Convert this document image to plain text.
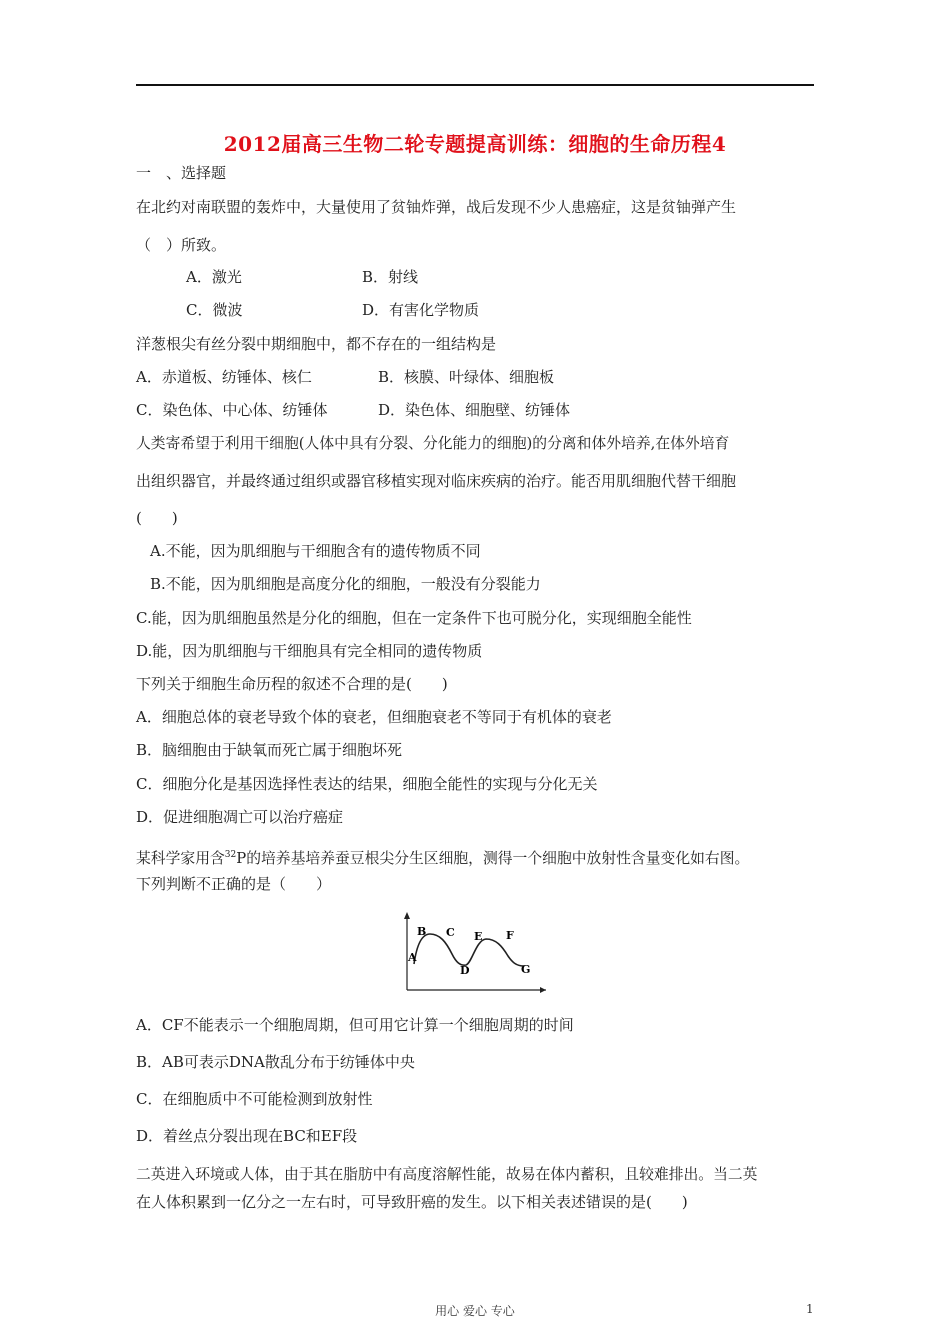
2012届高三生物二轮专题提高训练：细胞的生命历程4
一　、选择题
在北约对南联盟的轰炸中，大量使用了贫铀炸弹，战后发现不少人患癌症，这是贫铀弹产生
（　）所致。
A．激光	B．射线
C．微波	D．有害化学物质
洋葱根尖有丝分裂中期细胞中，都不存在的一组结构是
A．赤道板、纺锤体、核仁	B．核膜、叶绿体、细胞板
C．染色体、中心体、纺锤体	D．染色体、细胞壁、纺锤体
人类寄希望于利用干细胞(人体中具有分裂、分化能力的细胞)的分离和体外培养,在体外培育
出组织器官，并最终通过组织或器官移植实现对临床疾病的治疗。能否用肌细胞代替干细胞
(　　)
A.不能，因为肌细胞与干细胞含有的遗传物质不同
B.不能，因为肌细胞是高度分化的细胞，一般没有分裂能力
C.能，因为肌细胞虽然是分化的细胞，但在一定条件下也可脱分化，实现细胞全能性
D.能，因为肌细胞与干细胞具有完全相同的遗传物质
下列关于细胞生命历程的叙述不合理的是(　　)
A．细胞总体的衰老导致个体的衰老，但细胞衰老不等同于有机体的衰老
B．脑细胞由于缺氧而死亡属于细胞坏死
C．细胞分化是基因选择性表达的结果，细胞全能性的实现与分化无关
D．促进细胞凋亡可以治疗癌症
某科学家用含$^{32}$P的培养基培养蚕豆根尖分生区细胞，测得一个细胞中放射性含量变化如右图。
下列判断不正确的是（　　）
A
B C
D
E F
G
A．CF不能表示一个细胞周期，但可用它计算一个细胞周期的时间
B．AB可表示DNA散乱分布于纺锤体中央
C．在细胞质中不可能检测到放射性
D．着丝点分裂出现在BC和EF段
二英进入环境或人体，由于其在脂肪中有高度溶解性能，故易在体内蓄积，且较难排出。当二英
在人体积累到一亿分之一左右时，可导致肝癌的发生。以下相关表述错误的是(　　)
用心 爱心 专心	1
